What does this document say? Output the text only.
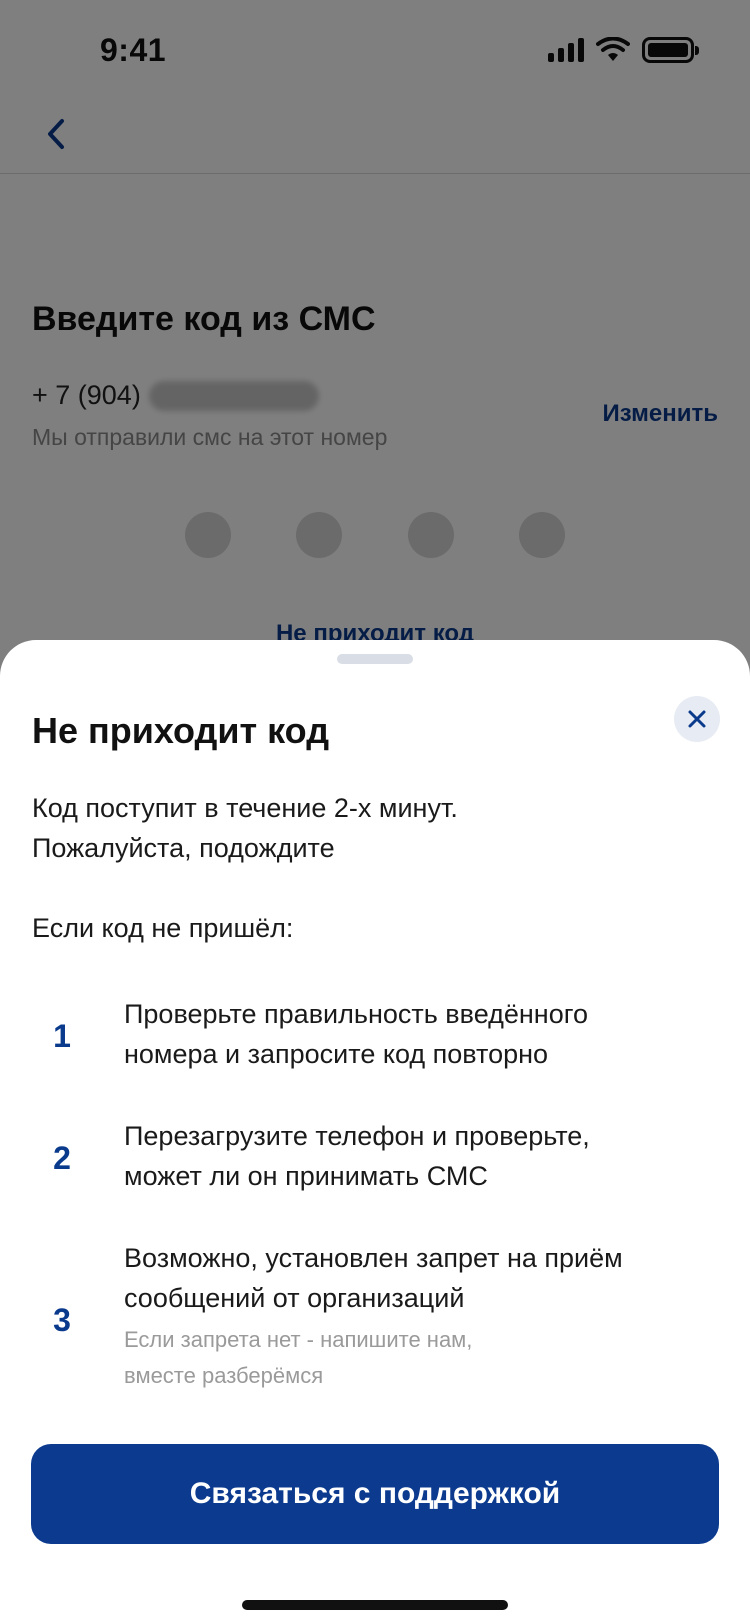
Не приходит код
Код поступит в течение 2-х минут.
Пожалуйста, подождите
Если код не пришёл:
1
Проверьте правильность введённого
номера и запросите код повторно
2
Перезагрузите телефон и проверьте,
может ли он принимать СМС
3
Возможно, установлен запрет на приём
сообщений от организаций
Если запрета нет - напишите нам,
вместе разберёмся
Связаться с поддержкой
